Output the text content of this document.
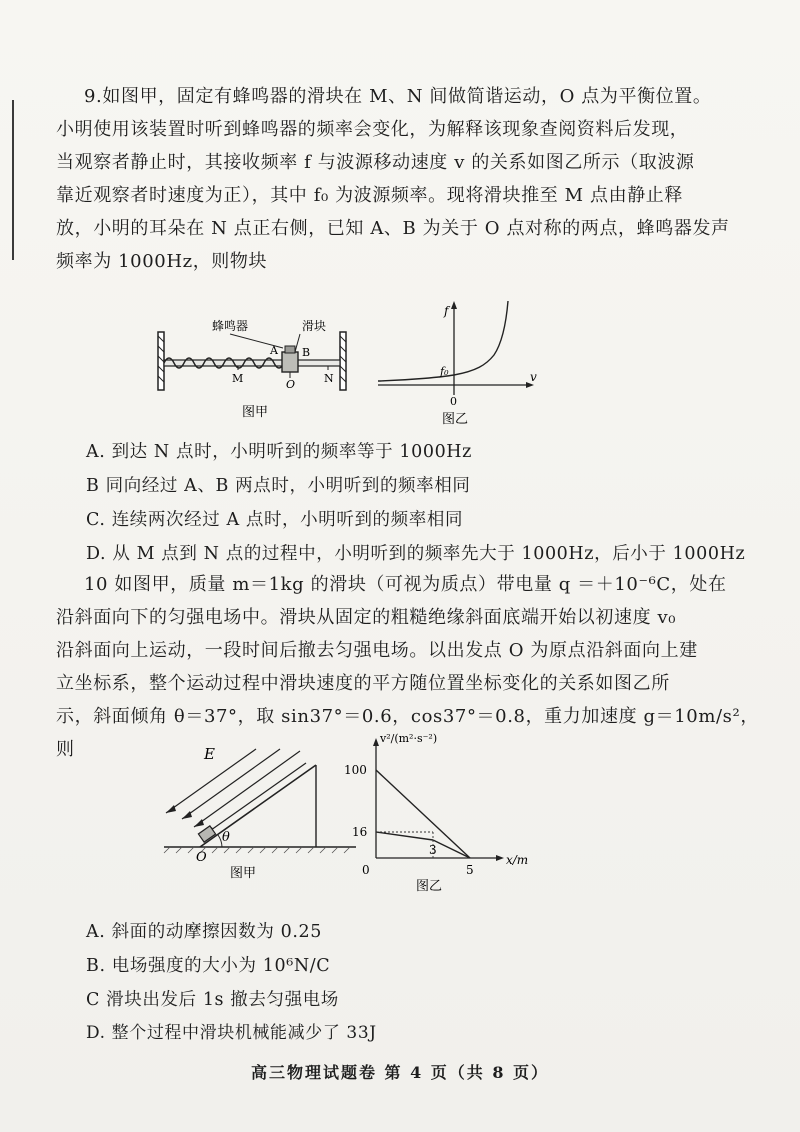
9.如图甲，固定有蜂鸣器的滑块在 M、N 间做简谐运动，O 点为平衡位置。

小明使用该装置时听到蜂鸣器的频率会变化，为解释该现象查阅资料后发现，

当观察者静止时，其接收频率 f 与波源移动速度 v 的关系如图乙所示（取波源

靠近观察者时速度为正），其中 f₀ 为波源频率。现将滑块推至 M 点由静止释

放，小明的耳朵在 N 点正右侧，已知 A、B 为关于 O 点对称的两点，蜂鸣器发声

频率为 1000Hz，则物块

蜂鸣器	滑块
A B
M	O	N
图甲
f
f₀	v
0
图乙
A. 到达 N 点时，小明听到的频率等于 1000Hz
B 同向经过 A、B 两点时，小明听到的频率相同
C. 连续两次经过 A 点时，小明听到的频率相同
D. 从 M 点到 N 点的过程中，小明听到的频率先大于 1000Hz，后小于 1000Hz

10 如图甲，质量 m＝1kg 的滑块（可视为质点）带电量 q ＝＋10⁻⁶C，处在

沿斜面向下的匀强电场中。滑块从固定的粗糙绝缘斜面底端开始以初速度 v₀

沿斜面向上运动，一段时间后撤去匀强电场。以出发点 O 为原点沿斜面向上建

立坐标系，整个运动过程中滑块速度的平方随位置坐标变化的关系如图乙所

示，斜面倾角 θ＝37°，取 sin37°＝0.6，cos37°＝0.8，重力加速度 g＝10m/s²，则	E
θ
O
图甲
v²/(m²·s⁻²)
100
16
0
3
5
x/m
图乙
A. 斜面的动摩擦因数为 0.25
B. 电场强度的大小为 10⁶N/C
C 滑块出发后 1s 撤去匀强电场
D. 整个过程中滑块机械能减少了 33J
高三物理试题卷 第 4 页（共 8 页）
